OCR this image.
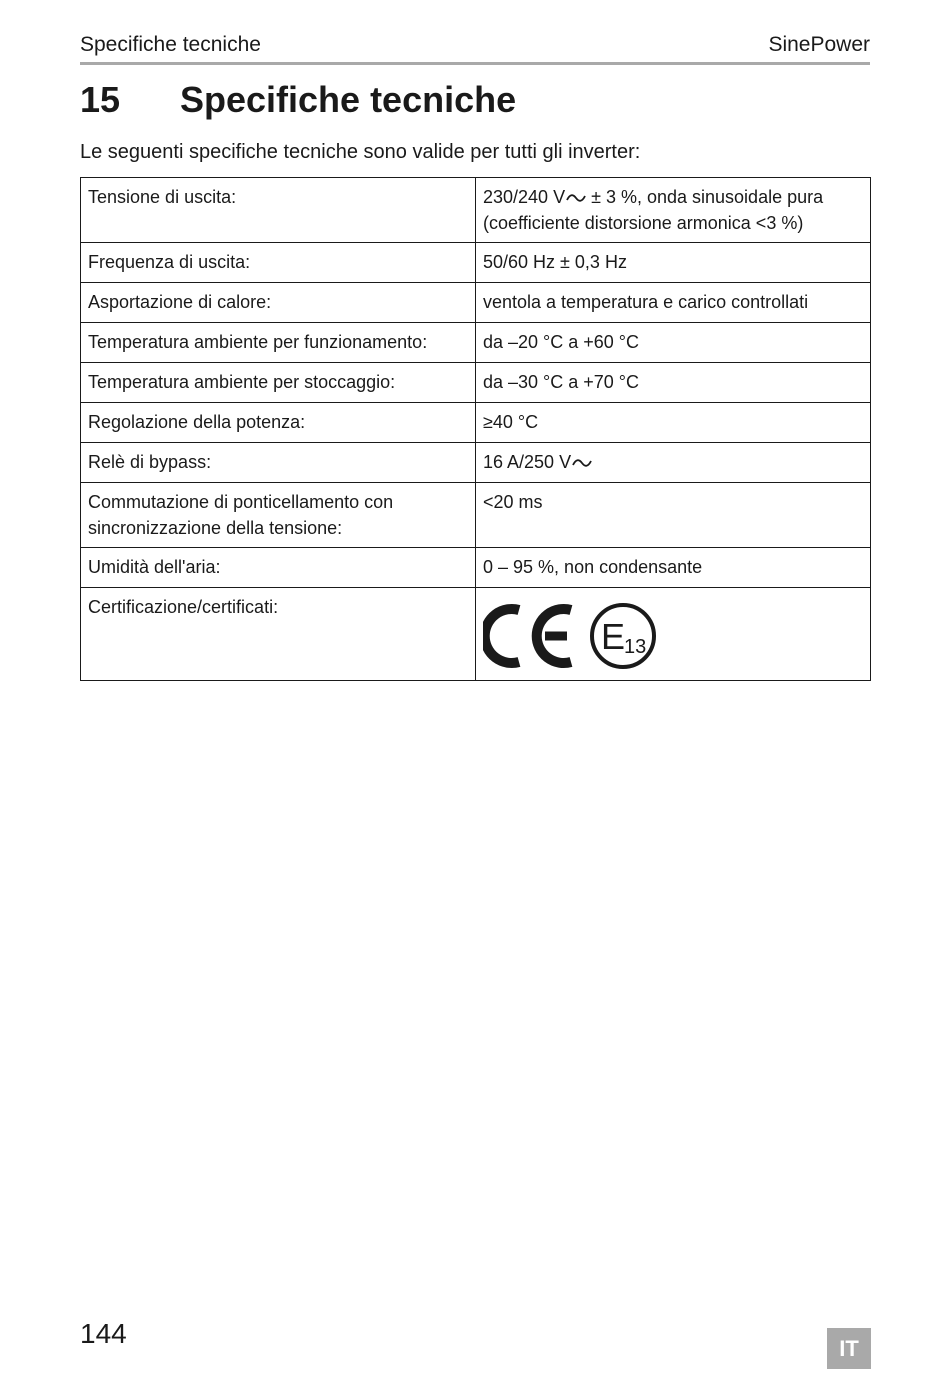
Specifiche tecniche	SinePower
15	Specifiche tecniche
Le seguenti specifiche tecniche sono valide per tutti gli inverter:
Tensione di uscita:	230/240 V ± 3 %, onda sinusoidale pura
(coefficiente distorsione armonica <3 %)
Frequenza di uscita:	50/60 Hz ± 0,3 Hz
Asportazione di calore:	ventola a temperatura e carico controllati
Temperatura ambiente per funzionamento:	da –20 °C a +60 °C
Temperatura ambiente per stoccaggio:	da –30 °C a +70 °C
Regolazione della potenza:	≥40 °C
Relè di bypass:	16 A/250 V
Commutazione di ponticellamento con
sincronizzazione della tensione:	<20 ms
Umidità dell'aria:	0 – 95 %, non condensante
Certificazione/certificati:	E
13
144	IT
